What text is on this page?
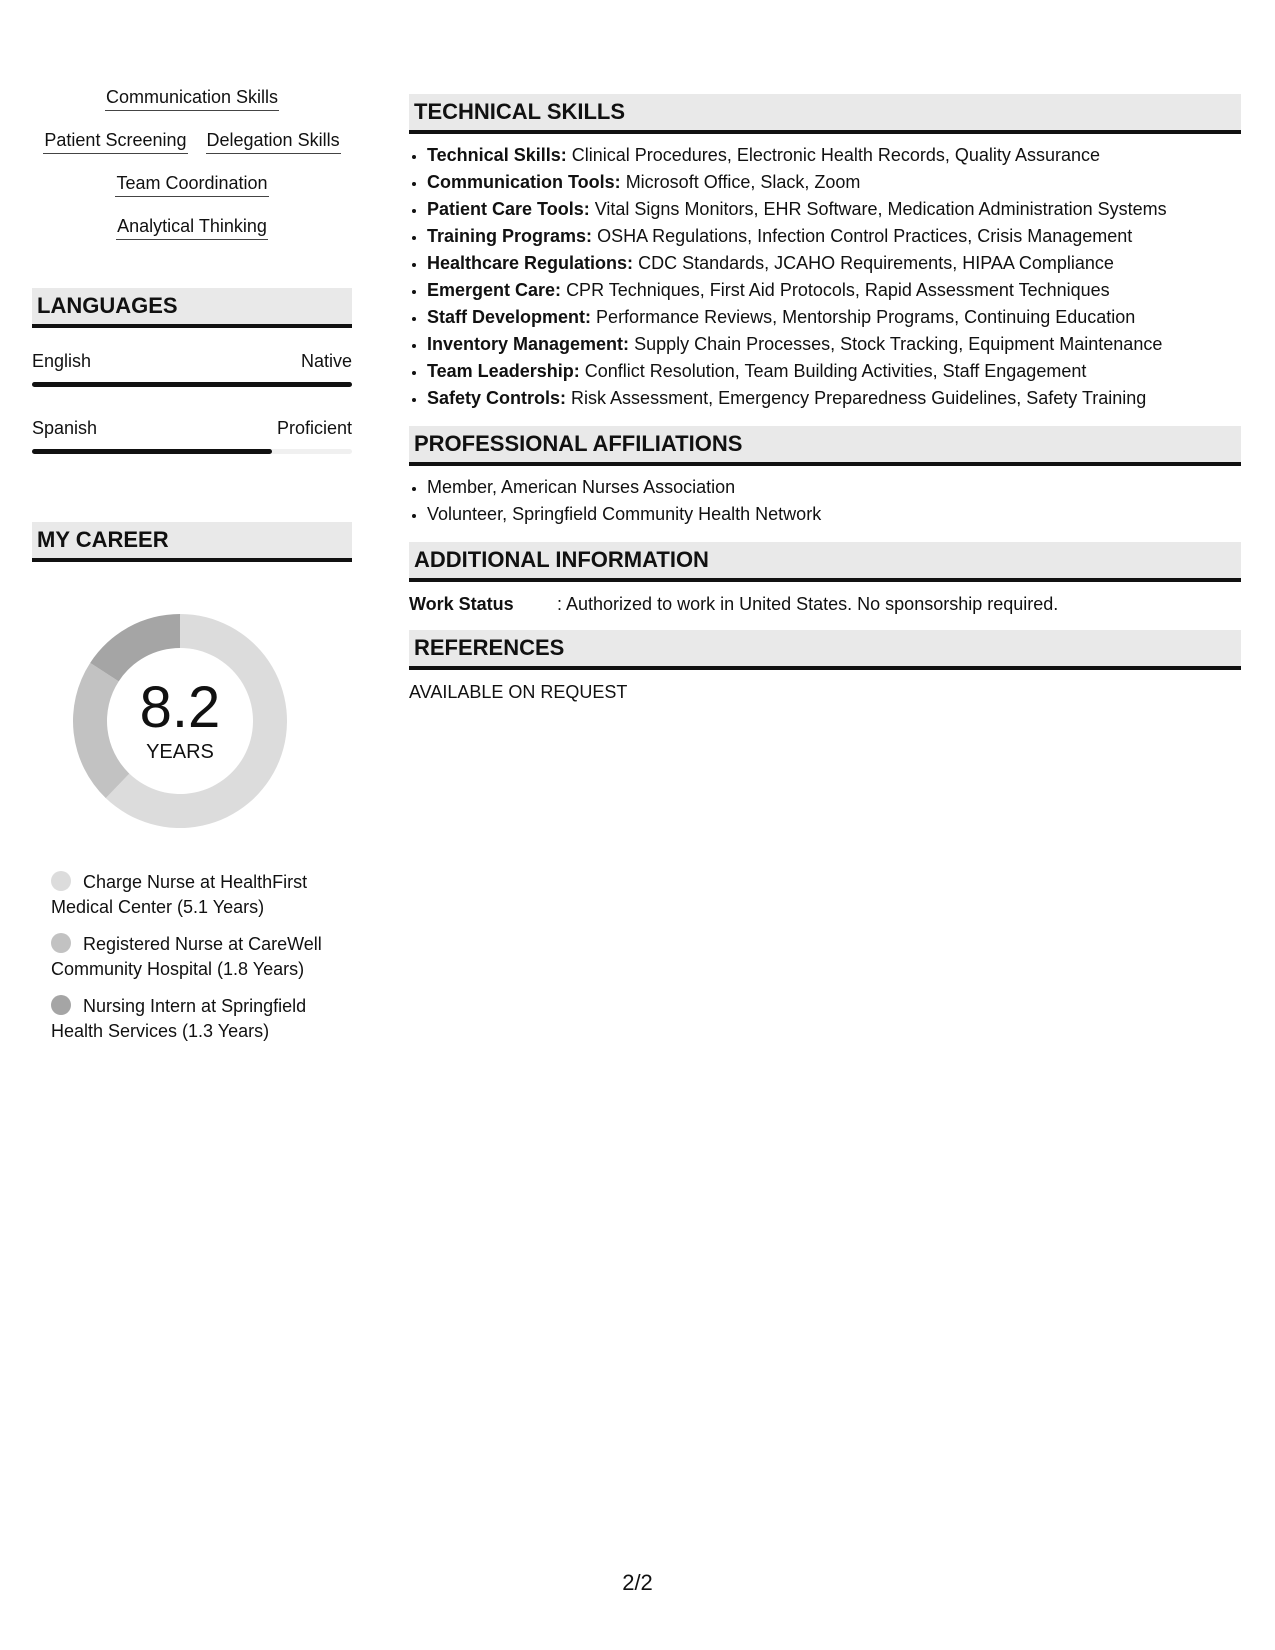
Communication Skills
Patient Screening Delegation Skills
Team Coordination
Analytical Thinking
LANGUAGES
English	Native
Spanish	Proficient
MY CAREER
8.2
YEARS
Charge Nurse at HealthFirst Medical Center (5.1 Years)
Registered Nurse at CareWell Community Hospital (1.8 Years)
Nursing Intern at Springfield Health Services (1.3 Years)
TECHNICAL SKILLS
• Technical Skills: Clinical Procedures, Electronic Health Records, Quality Assurance
• Communication Tools: Microsoft Office, Slack, Zoom
• Patient Care Tools: Vital Signs Monitors, EHR Software, Medication Administration Systems
• Training Programs: OSHA Regulations, Infection Control Practices, Crisis Management
• Healthcare Regulations: CDC Standards, JCAHO Requirements, HIPAA Compliance
• Emergent Care: CPR Techniques, First Aid Protocols, Rapid Assessment Techniques
• Staff Development: Performance Reviews, Mentorship Programs, Continuing Education
• Inventory Management: Supply Chain Processes, Stock Tracking, Equipment Maintenance
• Team Leadership: Conflict Resolution, Team Building Activities, Staff Engagement
• Safety Controls: Risk Assessment, Emergency Preparedness Guidelines, Safety Training
PROFESSIONAL AFFILIATIONS
• Member, American Nurses Association
• Volunteer, Springfield Community Health Network
ADDITIONAL INFORMATION
Work Status	: Authorized to work in United States. No sponsorship required.
REFERENCES
AVAILABLE ON REQUEST
2/2
